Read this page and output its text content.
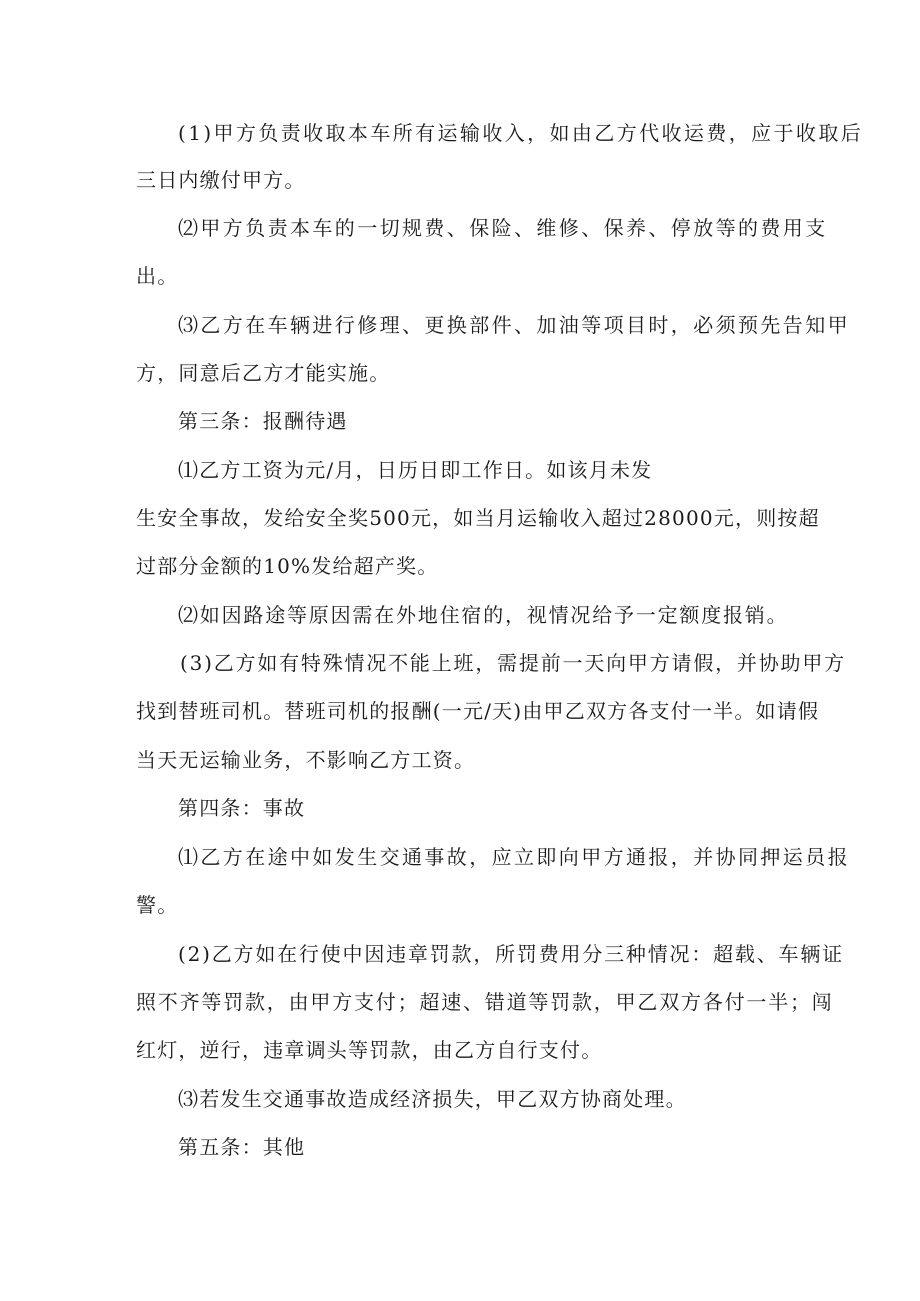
(1)甲方负责收取本车所有运输收入，如由乙方代收运费，应于收取后
三日内缴付甲方。
⑵甲方负责本车的一切规费、保险、维修、保养、停放等的费用支
出。
⑶乙方在车辆进行修理、更换部件、加油等项目时，必须预先告知甲
方，同意后乙方才能实施。
第三条：报酬待遇
⑴乙方工资为元/月，日历日即工作日。如该月未发
生安全事故，发给安全奖500元，如当月运输收入超过28000元，则按超
过部分金额的10%发给超产奖。
⑵如因路途等原因需在外地住宿的，视情况给予一定额度报销。
(3)乙方如有特殊情况不能上班，需提前一天向甲方请假，并协助甲方
找到替班司机。替班司机的报酬(一元/天)由甲乙双方各支付一半。如请假
当天无运输业务，不影响乙方工资。
第四条：事故
⑴乙方在途中如发生交通事故，应立即向甲方通报，并协同押运员报
警。
(2)乙方如在行使中因违章罚款，所罚费用分三种情况：超载、车辆证
照不齐等罚款，由甲方支付；超速、错道等罚款，甲乙双方各付一半；闯
红灯，逆行，违章调头等罚款，由乙方自行支付。
⑶若发生交通事故造成经济损失，甲乙双方协商处理。
第五条：其他
